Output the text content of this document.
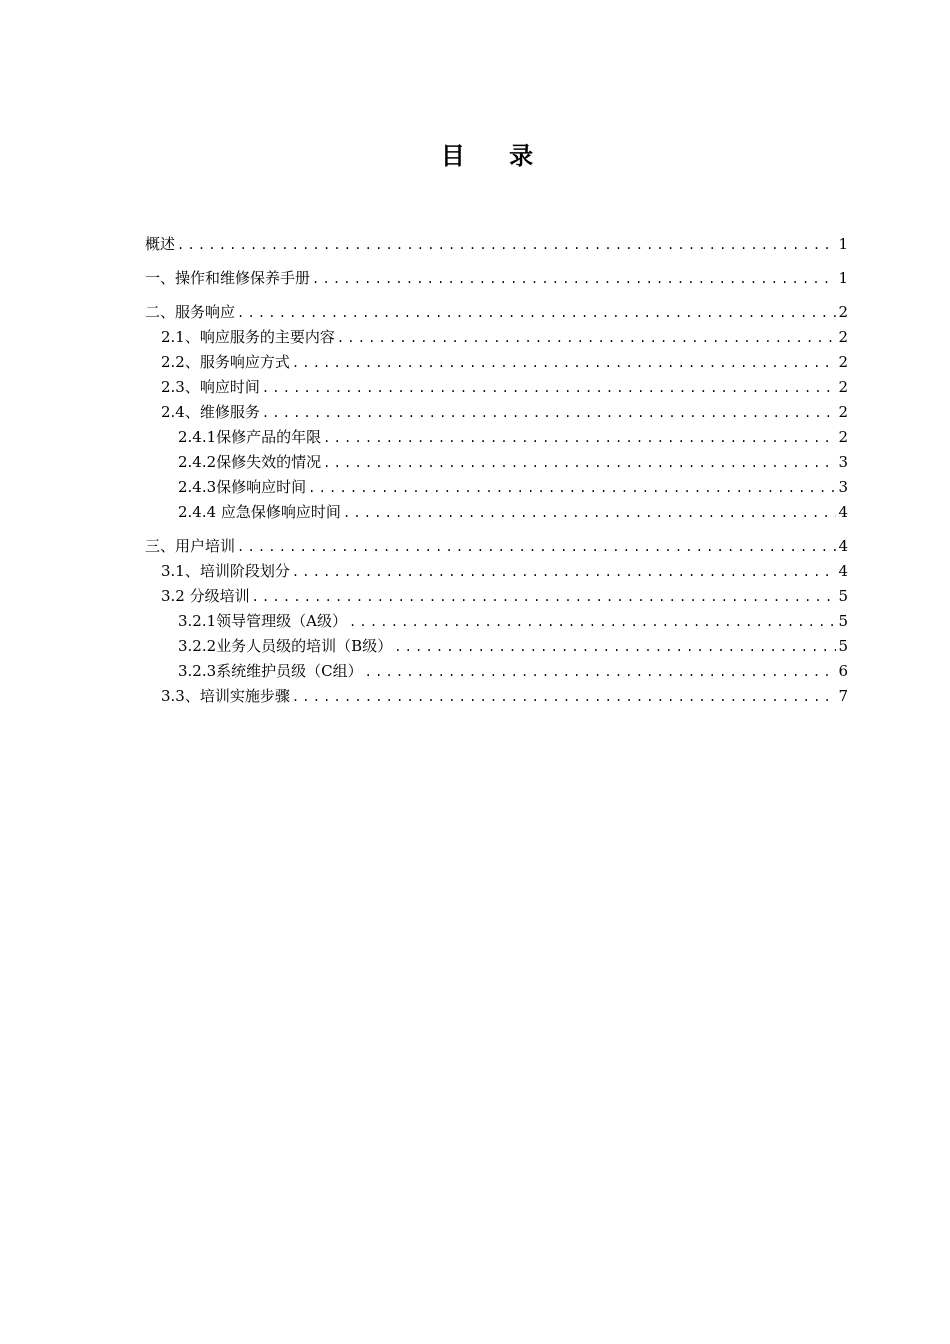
目 录
概述 .....	1
一、操作和维修保养手册 .....	1
二、服务响应 .....	2
2.1、响应服务的主要内容 .....	2
2.2、服务响应方式 .....	2
2.3、响应时间 .....	2
2.4、维修服务 .....	2
2.4.1保修产品的年限 .....	2
2.4.2保修失效的情况 .....	3
2.4.3保修响应时间 .....	3
2.4.4 应急保修响应时间 .....	4
三、用户培训 .....	4
3.1、培训阶段划分 .....	4
3.2 分级培训 .....	5
3.2.1领导管理级（A级） .....	5
3.2.2业务人员级的培训（B级） .....	5
3.2.3系统维护员级（C组） .....	6
3.3、培训实施步骤 .....	7
